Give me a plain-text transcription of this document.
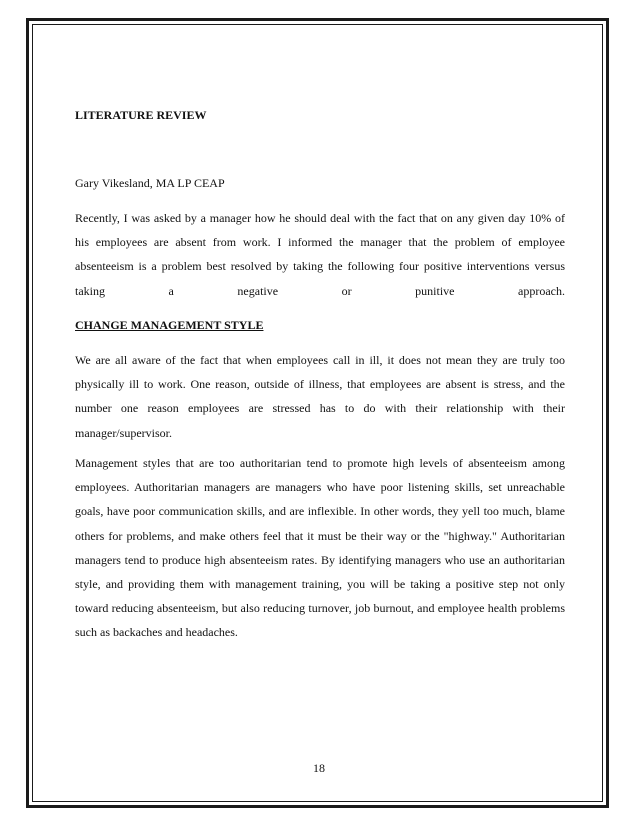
LITERATURE REVIEW

Gary Vikesland, MA LP CEAP

Recently, I was asked by a manager how he should deal with the fact that on any given day 10% of his employees are absent from work. I informed the manager that the problem of employee absenteeism is a problem best resolved by taking the following four positive interventions versus taking a negative or punitive approach.

CHANGE MANAGEMENT STYLE

We are all aware of the fact that when employees call in ill, it does not mean they are truly too physically ill to work. One reason, outside of illness, that employees are absent is stress, and the number one reason employees are stressed has to do with their relationship with their manager/supervisor.

Management styles that are too authoritarian tend to promote high levels of absenteeism among employees. Authoritarian managers are managers who have poor listening skills, set unreachable goals, have poor communication skills, and are inflexible. In other words, they yell too much, blame others for problems, and make others feel that it must be their way or the "highway." Authoritarian managers tend to produce high absenteeism rates. By identifying managers who use an authoritarian style, and providing them with management training, you will be taking a positive step not only toward reducing absenteeism, but also reducing turnover, job burnout, and employee health problems such as backaches and headaches.

18
